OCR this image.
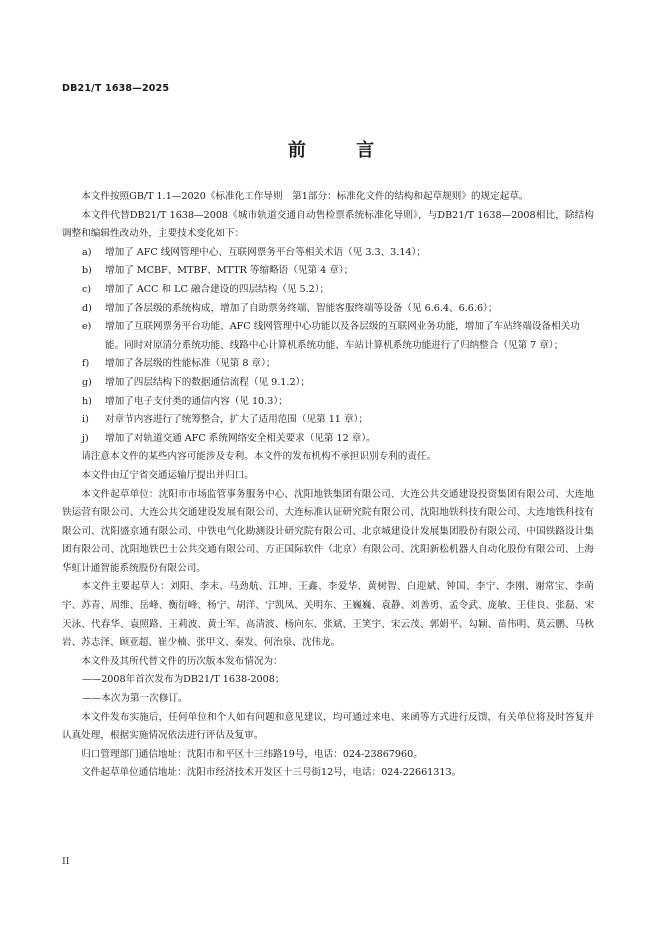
DB21/T 1638—2025
前 言

本文件按照GB/T 1.1—2020《标准化工作导则　第1部分：标准化文件的结构和起草规则》的规定起草。

本文件代替DB21/T 1638—2008《城市轨道交通自动售检票系统标准化导则》，与DB21/T 1638—2008相比，除结构调整和编辑性改动外，主要技术变化如下：

a)	增加了 AFC 线网管理中心、互联网票务平台等相关术语（见 3.3、3.14）；
b)	增加了 MCBF、MTBF、MTTR 等缩略语（见第 4 章）；
c)	增加了 ACC 和 LC 融合建设的四层结构（见 5.2）；
d)	增加了各层级的系统构成，增加了自助票务终端、智能客服终端等设备（见 6.6.4、6.6.6）；
e)	增加了互联网票务平台功能、AFC 线网管理中心功能以及各层级的互联网业务功能，增加了车站终端设备相关功能。同时对原清分系统功能、线路中心计算机系统功能、车站计算机系统功能进行了归纳整合（见第 7 章）；
f)	增加了各层级的性能标准（见第 8 章）；
g)	增加了四层结构下的数据通信流程（见 9.1.2）；
h)	增加了电子支付类的通信内容（见 10.3）；
i)	对章节内容进行了统筹整合，扩大了适用范围（见第 11 章）；
j)	增加了对轨道交通 AFC 系统网络安全相关要求（见第 12 章）。

请注意本文件的某些内容可能涉及专利。本文件的发布机构不承担识别专利的责任。

本文件由辽宁省交通运输厅提出并归口。

本文件起草单位：沈阳市市场监管事务服务中心、沈阳地铁集团有限公司、大连公共交通建设投资集团有限公司、大连地铁运营有限公司、大连公共交通建设发展有限公司、大连标准认证研究院有限公司、沈阳地铁科技有限公司、大连地铁科技有限公司、沈阳盛京通有限公司、中铁电气化勘测设计研究院有限公司、北京城建设计发展集团股份有限公司、中国铁路设计集团有限公司、沈阳地铁巴士公共交通有限公司、方正国际软件（北京）有限公司、沈阳新松机器人自动化股份有限公司、上海华虹计通智能系统股份有限公司。

本文件主要起草人：刘阳、李末、马劲航、江坤、王鑫、李爱华、黄树智、白迎斌、钟国、李宁、李刚、谢常宝、李萌宇、苏青、周维、岳峰、衡衍峰、杨宁、胡洋、宁凯凤、关明东、王巍巍、袁静、刘善勇、孟令武、庞敏、王佳良、张磊、宋天泳、代春华、袁照路、王莉波、黄士军、高清波、杨向东、张斌、王笑宇、宋云茂、郭娟平、勾颖、苗伟明、莫云鹏、马秋岩、苏志泽、顾亚超、崔少楠、张甲文、秦发、何治泉、沈伟龙。

本文件及其所代替文件的历次版本发布情况为：

——2008年首次发布为DB21/T 1638-2008；

——本次为第一次修订。

本文件发布实施后，任何单位和个人如有问题和意见建议，均可通过来电、来函等方式进行反馈，有关单位将及时答复并认真处理，根据实施情况依法进行评估及复审。

归口管理部门通信地址：沈阳市和平区十三纬路19号，电话：024-23867960。

文件起草单位通信地址：沈阳市经济技术开发区十三号街12号，电话：024-22661313。

II
